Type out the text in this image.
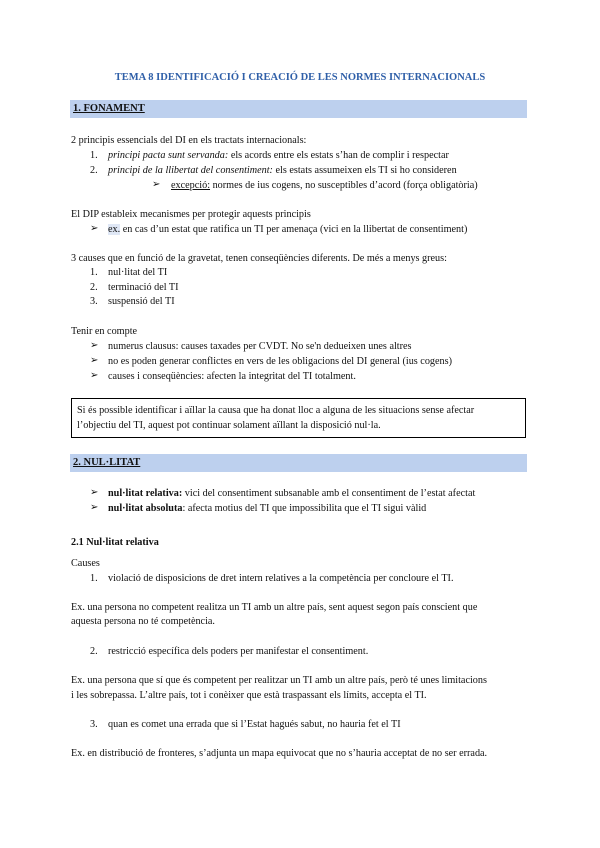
TEMA 8 IDENTIFICACIÓ I CREACIÓ DE LES NORMES INTERNACIONALS
1. FONAMENT
2 principis essencials del DI en els tractats internacionals:
1. principi pacta sunt servanda: els acords entre els estats s’han de complir i respectar
2. principi de la llibertat del consentiment: els estats assumeixen els TI si ho consideren
➢ excepció: normes de ius cogens, no susceptibles d’acord (força obligatòria)
El DIP estableix mecanismes per protegir aquests principis
➢ ex. en cas d’un estat que ratifica un TI per amenaça (vici en la llibertat de consentiment)
3 causes que en funció de la gravetat, tenen conseqüències diferents. De més a menys greus:
1. nul·litat del TI
2. terminació del TI
3. suspensió del TI
Tenir en compte
➢ numerus clausus: causes taxades per CVDT. No se'n dedueixen unes altres
➢ no es poden generar conflictes en vers de les obligacions del DI general (ius cogens)
➢ causes i conseqüències: afecten la integritat del TI totalment.
Si és possible identificar i aïllar la causa que ha donat lloc a alguna de les situacions sense afectar
l’objectiu del TI, aquest pot continuar solament aïllant la disposició nul·la.
2. NUL·LITAT
➢ nul·litat relativa: vici del consentiment subsanable amb el consentiment de l’estat afectat
➢ nul·litat absoluta: afecta motius del TI que impossibilita que el TI sigui vàlid
2.1 Nul·litat relativa
Causes
1. violació de disposicions de dret intern relatives a la competència per concloure el TI.
Ex. una persona no competent realitza un TI amb un altre país, sent aquest segon país conscient que
aquesta persona no té competència.
2. restricció específica dels poders per manifestar el consentiment.
Ex. una persona que sí que és competent per realitzar un TI amb un altre país, però té unes limitacions
i les sobrepassa. L’altre país, tot i conèixer que està traspassant els límits, accepta el TI.
3. quan es comet una errada que si l’Estat hagués sabut, no hauria fet el TI
Ex. en distribució de fronteres, s’adjunta un mapa equivocat que no s’hauria acceptat de no ser errada.
